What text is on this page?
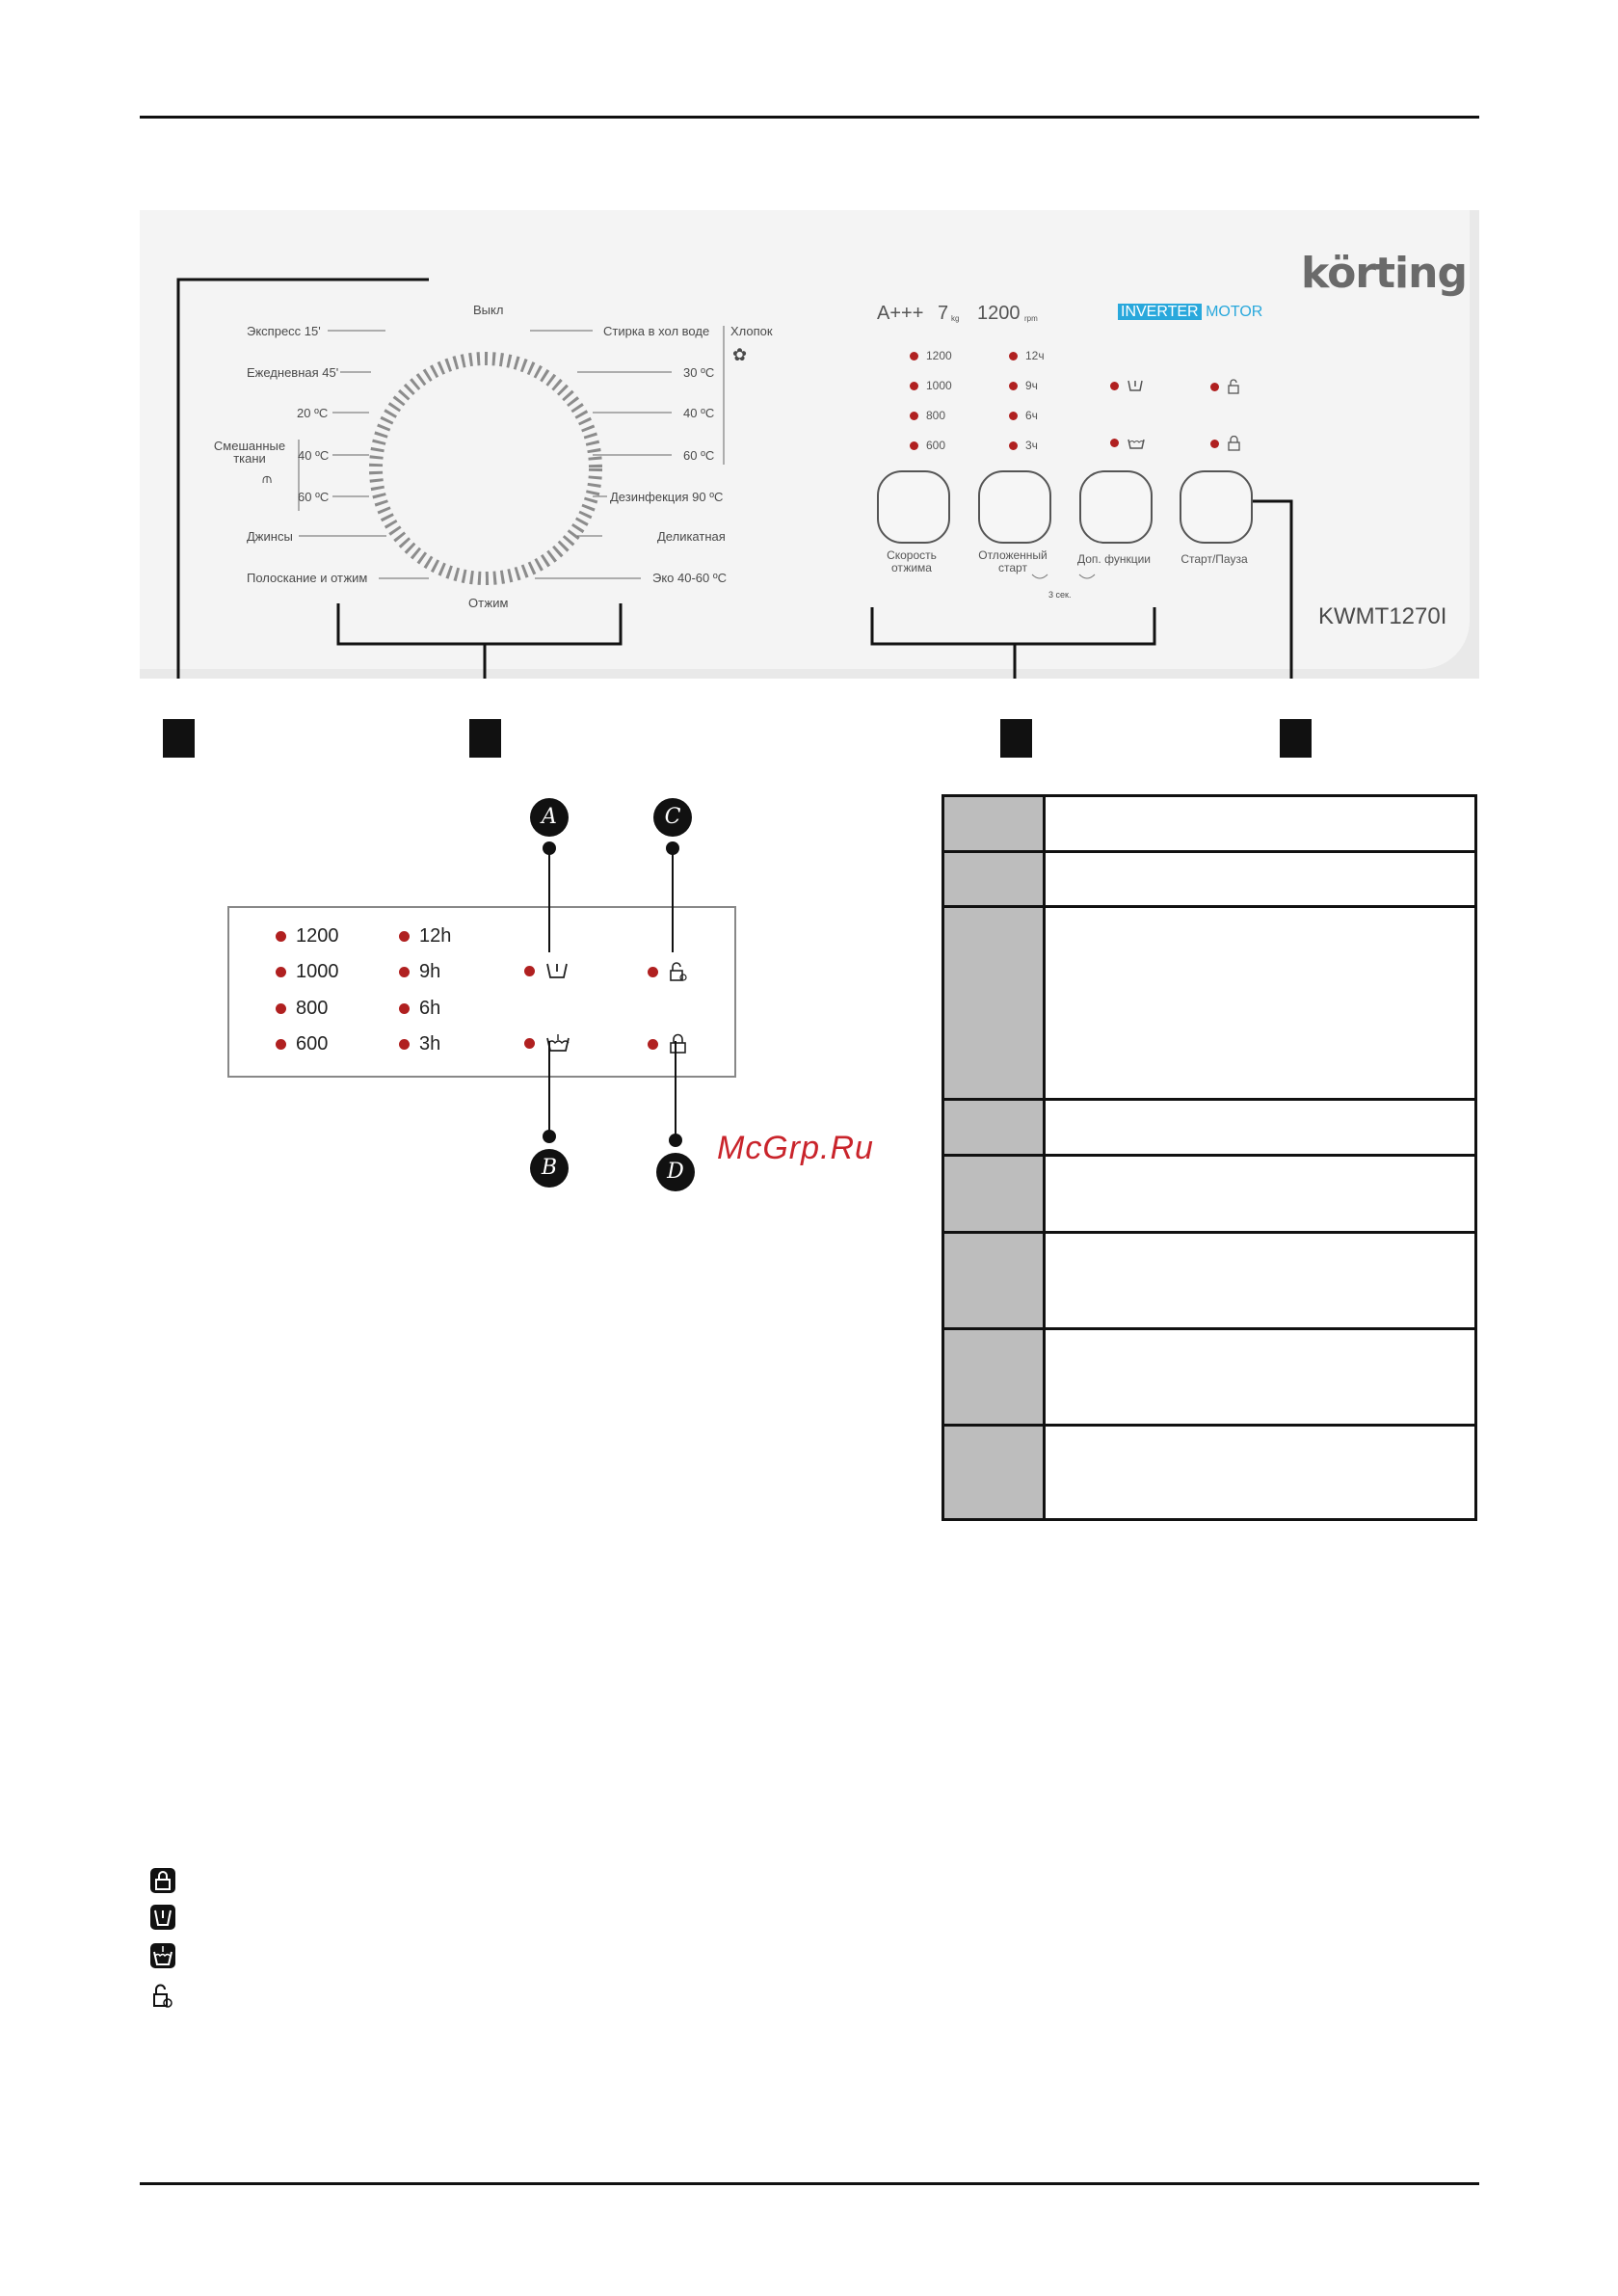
Выкл
Отжим
Экспресс 15'
Ежедневная 45'
20 ºC
Смешанные ткани
⫙
40 ºC
60 ºC
Джинсы
Полоскание и отжим
Стирка в хол воде
30 ºC
40 ºC
60 ºC
Дезинфекция 90 ºC
Деликатная
Эко 40-60 ºC
Хлопок
✿
körting
KWMT1270I
A+++ 7 kg 1200 rpm	INVERTER MOTOR
1200
1000
800
600
12ч
9ч
6ч
3ч
Скорость отжима
Отложенный старт
Доп. функции	Старт/Пауза
3 сек.
1200
1000
800
600
12h
9h
6h
3h
A
B
C
D
McGrp.Ru
